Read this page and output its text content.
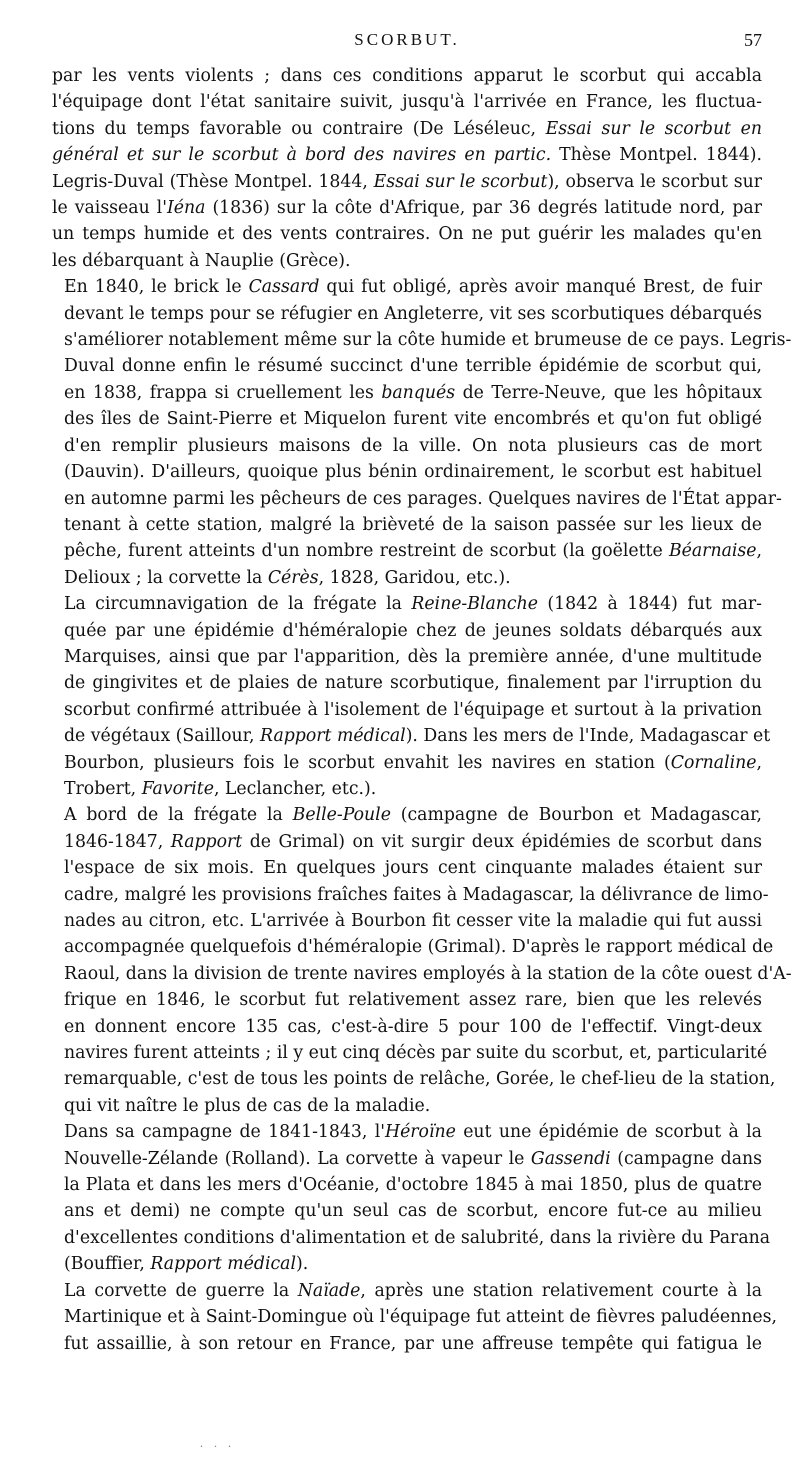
SCORBUT.	57
par les vents violents ; dans ces conditions apparut le scorbut qui accabla
l'équipage dont l'état sanitaire suivit, jusqu'à l'arrivée en France, les fluctua-
tions du temps favorable ou contraire (De Léséleuc, Essai sur le scorbut en
général et sur le scorbut à bord des navires en partic. Thèse Montpel. 1844).
Legris-Duval (Thèse Montpel. 1844, Essai sur le scorbut), observa le scorbut sur
le vaisseau l'Iéna (1836) sur la côte d'Afrique, par 36 degrés latitude nord, par
un temps humide et des vents contraires. On ne put guérir les malades qu'en
les débarquant à Nauplie (Grèce).
En 1840, le brick le Cassard qui fut obligé, après avoir manqué Brest, de fuir
devant le temps pour se réfugier en Angleterre, vit ses scorbutiques débarqués
s'améliorer notablement même sur la côte humide et brumeuse de ce pays. Legris-
Duval donne enfin le résumé succinct d'une terrible épidémie de scorbut qui,
en 1838, frappa si cruellement les banqués de Terre-Neuve, que les hôpitaux
des îles de Saint-Pierre et Miquelon furent vite encombrés et qu'on fut obligé
d'en remplir plusieurs maisons de la ville. On nota plusieurs cas de mort
(Dauvin). D'ailleurs, quoique plus bénin ordinairement, le scorbut est habituel
en automne parmi les pêcheurs de ces parages. Quelques navires de l'État appar-
tenant à cette station, malgré la brièveté de la saison passée sur les lieux de
pêche, furent atteints d'un nombre restreint de scorbut (la goëlette Béarnaise,
Delioux ; la corvette la Cérès, 1828, Garidou, etc.).
La circumnavigation de la frégate la Reine-Blanche (1842 à 1844) fut mar-
quée par une épidémie d'héméralopie chez de jeunes soldats débarqués aux
Marquises, ainsi que par l'apparition, dès la première année, d'une multitude
de gingivites et de plaies de nature scorbutique, finalement par l'irruption du
scorbut confirmé attribuée à l'isolement de l'équipage et surtout à la privation
de végétaux (Saillour, Rapport médical). Dans les mers de l'Inde, Madagascar et
Bourbon, plusieurs fois le scorbut envahit les navires en station (Cornaline,
Trobert, Favorite, Leclancher, etc.).
A bord de la frégate la Belle-Poule (campagne de Bourbon et Madagascar,
1846-1847, Rapport de Grimal) on vit surgir deux épidémies de scorbut dans
l'espace de six mois. En quelques jours cent cinquante malades étaient sur
cadre, malgré les provisions fraîches faites à Madagascar, la délivrance de limo-
nades au citron, etc. L'arrivée à Bourbon fit cesser vite la maladie qui fut aussi
accompagnée quelquefois d'héméralopie (Grimal). D'après le rapport médical de
Raoul, dans la division de trente navires employés à la station de la côte ouest d'A-
frique en 1846, le scorbut fut relativement assez rare, bien que les relevés
en donnent encore 135 cas, c'est-à-dire 5 pour 100 de l'effectif. Vingt-deux
navires furent atteints ; il y eut cinq décès par suite du scorbut, et, particularité
remarquable, c'est de tous les points de relâche, Gorée, le chef-lieu de la station,
qui vit naître le plus de cas de la maladie.
Dans sa campagne de 1841-1843, l'Héroïne eut une épidémie de scorbut à la
Nouvelle-Zélande (Rolland). La corvette à vapeur le Gassendi (campagne dans
la Plata et dans les mers d'Océanie, d'octobre 1845 à mai 1850, plus de quatre
ans et demi) ne compte qu'un seul cas de scorbut, encore fut-ce au milieu
d'excellentes conditions d'alimentation et de salubrité, dans la rivière du Parana
(Bouffier, Rapport médical).
La corvette de guerre la Naïade, après une station relativement courte à la
Martinique et à Saint-Domingue où l'équipage fut atteint de fièvres paludéennes,
fut assaillie, à son retour en France, par une affreuse tempête qui fatigua le
. . .
